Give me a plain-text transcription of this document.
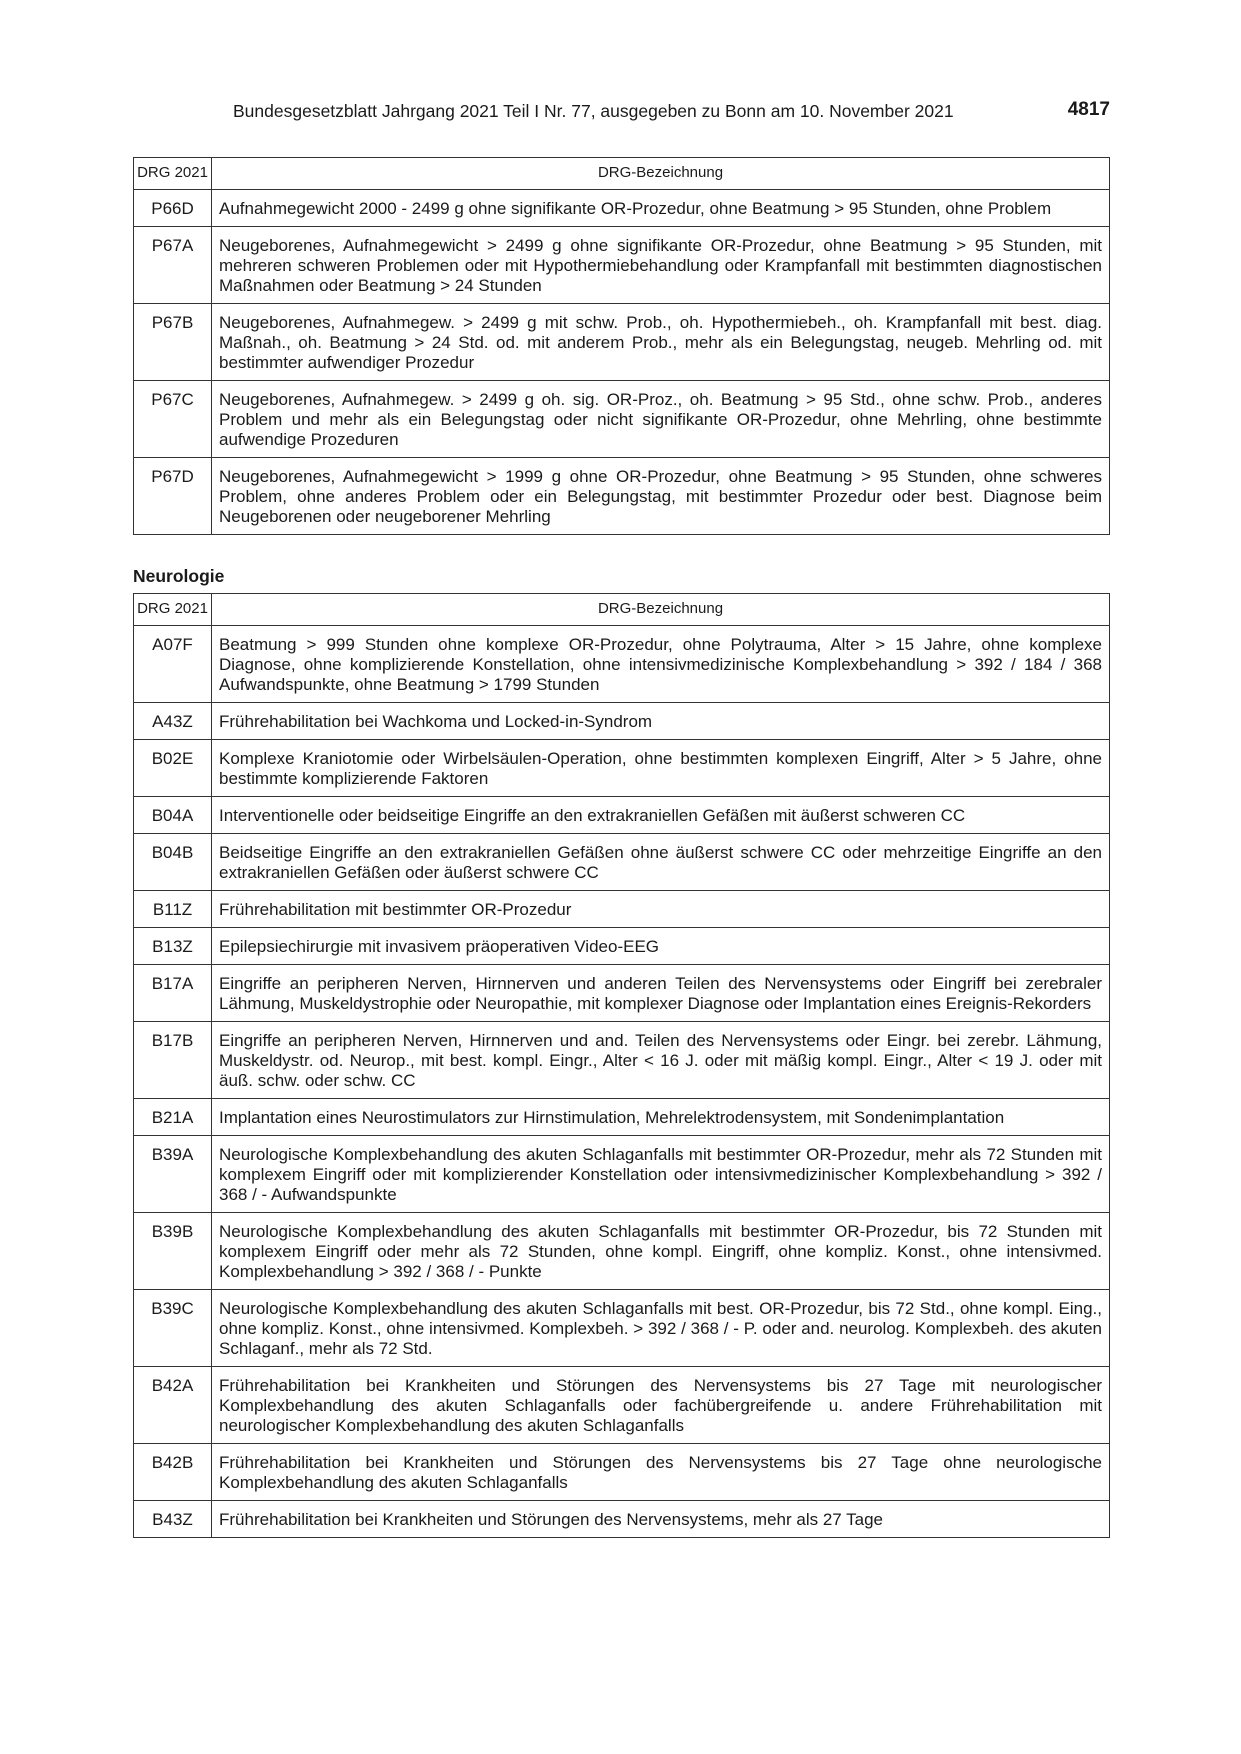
Bundesgesetzblatt Jahrgang 2021 Teil I Nr. 77, ausgegeben zu Bonn am 10. November 2021	4817
DRG 2021	DRG-Bezeichnung
P66D	Aufnahmegewicht 2000 - 2499 g ohne signifikante OR-Prozedur, ohne Beatmung > 95 Stunden, ohne Problem
P67A	Neugeborenes, Aufnahmegewicht > 2499 g ohne signifikante OR-Prozedur, ohne Beatmung > 95 Stunden, mit mehreren schweren Problemen oder mit Hypothermiebehandlung oder Krampfanfall mit bestimmten diagnostischen Maßnahmen oder Beatmung > 24 Stunden
P67B	Neugeborenes, Aufnahmegew. > 2499 g mit schw. Prob., oh. Hypothermiebeh., oh. Krampfanfall mit best. diag. Maßnah., oh. Beatmung > 24 Std. od. mit anderem Prob., mehr als ein Belegungstag, neugeb. Mehrling od. mit bestimmter aufwendiger Prozedur
P67C	Neugeborenes, Aufnahmegew. > 2499 g oh. sig. OR-Proz., oh. Beatmung > 95 Std., ohne schw. Prob., anderes Problem und mehr als ein Belegungstag oder nicht signifikante OR-Prozedur, ohne Mehrling, ohne bestimmte aufwendige Prozeduren
P67D	Neugeborenes, Aufnahmegewicht > 1999 g ohne OR-Prozedur, ohne Beatmung > 95 Stunden, ohne schweres Problem, ohne anderes Problem oder ein Belegungstag, mit bestimmter Prozedur oder best. Diagnose beim Neugeborenen oder neugeborener Mehrling
Neurologie
DRG 2021	DRG-Bezeichnung
A07F	Beatmung > 999 Stunden ohne komplexe OR-Prozedur, ohne Polytrauma, Alter > 15 Jahre, ohne komplexe Diagnose, ohne komplizierende Konstellation, ohne intensivmedizinische Komplexbehandlung > 392 / 184 / 368 Aufwandspunkte, ohne Beatmung > 1799 Stunden
A43Z	Frührehabilitation bei Wachkoma und Locked-in-Syndrom
B02E	Komplexe Kraniotomie oder Wirbelsäulen-Operation, ohne bestimmten komplexen Eingriff, Alter > 5 Jahre, ohne bestimmte komplizierende Faktoren
B04A	Interventionelle oder beidseitige Eingriffe an den extrakraniellen Gefäßen mit äußerst schweren CC
B04B	Beidseitige Eingriffe an den extrakraniellen Gefäßen ohne äußerst schwere CC oder mehrzeitige Eingriffe an den extrakraniellen Gefäßen oder äußerst schwere CC
B11Z	Frührehabilitation mit bestimmter OR-Prozedur
B13Z	Epilepsiechirurgie mit invasivem präoperativen Video-EEG
B17A	Eingriffe an peripheren Nerven, Hirnnerven und anderen Teilen des Nervensystems oder Eingriff bei zerebraler Lähmung, Muskeldystrophie oder Neuropathie, mit komplexer Diagnose oder Implantation eines Ereignis-Rekorders
B17B	Eingriffe an peripheren Nerven, Hirnnerven und and. Teilen des Nervensystems oder Eingr. bei zerebr. Lähmung, Muskeldystr. od. Neurop., mit best. kompl. Eingr., Alter < 16 J. oder mit mäßig kompl. Eingr., Alter < 19 J. oder mit äuß. schw. oder schw. CC
B21A	Implantation eines Neurostimulators zur Hirnstimulation, Mehrelektrodensystem, mit Sondenimplantation
B39A	Neurologische Komplexbehandlung des akuten Schlaganfalls mit bestimmter OR-Prozedur, mehr als 72 Stunden mit komplexem Eingriff oder mit komplizierender Konstellation oder intensivmedizinischer Komplexbehandlung > 392 / 368 / - Aufwandspunkte
B39B	Neurologische Komplexbehandlung des akuten Schlaganfalls mit bestimmter OR-Prozedur, bis 72 Stunden mit komplexem Eingriff oder mehr als 72 Stunden, ohne kompl. Eingriff, ohne kompliz. Konst., ohne intensivmed. Komplexbehandlung > 392 / 368 / - Punkte
B39C	Neurologische Komplexbehandlung des akuten Schlaganfalls mit best. OR-Prozedur, bis 72 Std., ohne kompl. Eing., ohne kompliz. Konst., ohne intensivmed. Komplexbeh. > 392 / 368 / - P. oder and. neurolog. Komplexbeh. des akuten Schlaganf., mehr als 72 Std.
B42A	Frührehabilitation bei Krankheiten und Störungen des Nervensystems bis 27 Tage mit neurologischer Komplexbehandlung des akuten Schlaganfalls oder fachübergreifende u. andere Frührehabilitation mit neurologischer Komplexbehandlung des akuten Schlaganfalls
B42B	Frührehabilitation bei Krankheiten und Störungen des Nervensystems bis 27 Tage ohne neurologische Komplexbehandlung des akuten Schlaganfalls
B43Z	Frührehabilitation bei Krankheiten und Störungen des Nervensystems, mehr als 27 Tage
